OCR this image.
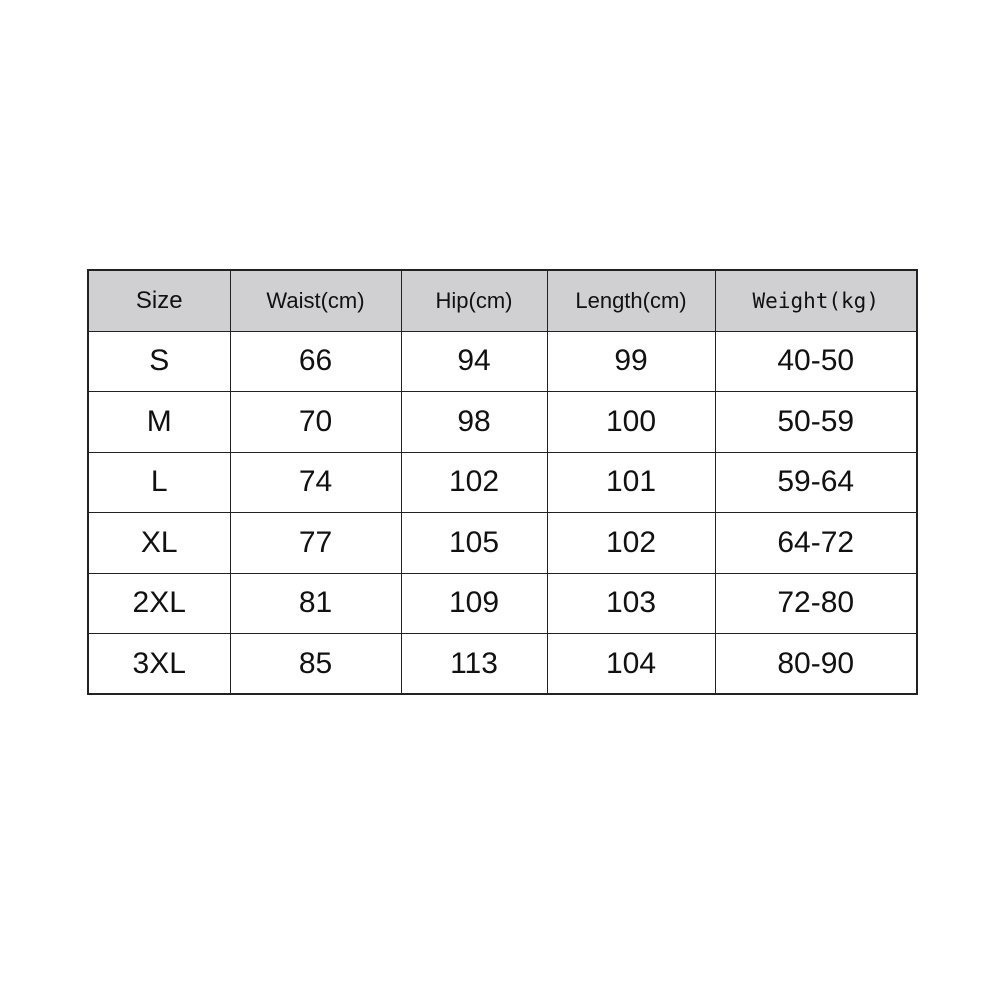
Size	Waist(cm)	Hip(cm)	Length(cm)	Weight(kg)
S	66	94	99	40-50
M	70	98	100	50-59
L	74	102	101	59-64
XL	77	105	102	64-72
2XL	81	109	103	72-80
3XL	85	113	104	80-90
